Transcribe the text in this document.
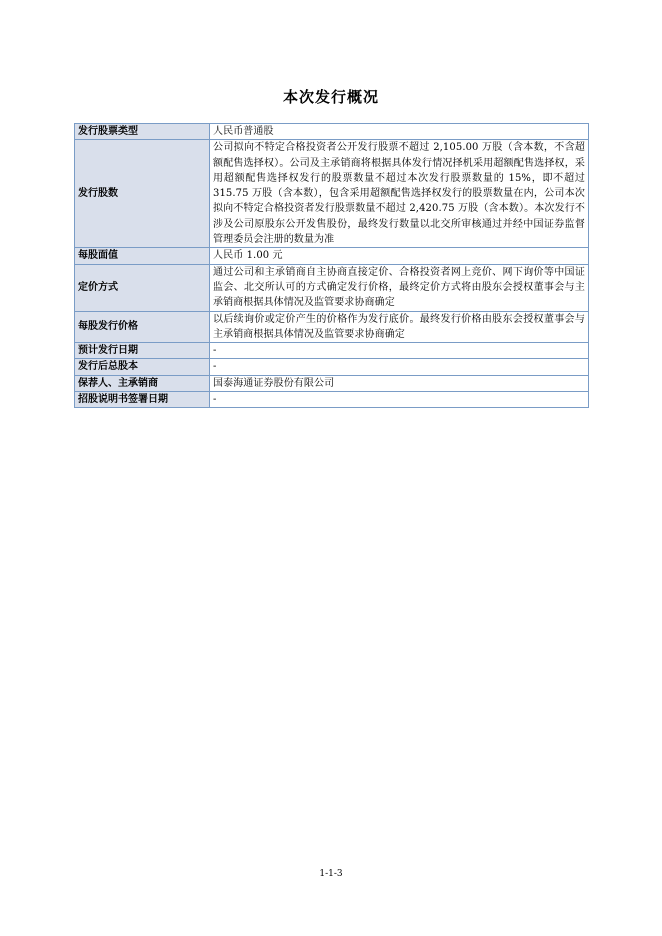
本次发行概况
发行股票类型	人民币普通股
发行股数	公司拟向不特定合格投资者公开发行股票不超过 2,105.00 万股（含本数，不含超额配售选择权）。公司及主承销商将根据具体发行情况择机采用超额配售选择权，采用超额配售选择权发行的股票数量不超过本次发行股票数量的 15%，即不超过 315.75 万股（含本数），包含采用超额配售选择权发行的股票数量在内，公司本次拟向不特定合格投资者发行股票数量不超过 2,420.75 万股（含本数）。本次发行不涉及公司原股东公开发售股份，最终发行数量以北交所审核通过并经中国证券监督管理委员会注册的数量为准
每股面值	人民币 1.00 元
定价方式	通过公司和主承销商自主协商直接定价、合格投资者网上竞价、网下询价等中国证监会、北交所认可的方式确定发行价格，最终定价方式将由股东会授权董事会与主承销商根据具体情况及监管要求协商确定
每股发行价格	以后续询价或定价产生的价格作为发行底价。最终发行价格由股东会授权董事会与主承销商根据具体情况及监管要求协商确定
预计发行日期	-
发行后总股本	-
保荐人、主承销商	国泰海通证券股份有限公司
招股说明书签署日期	-
1-1-3
